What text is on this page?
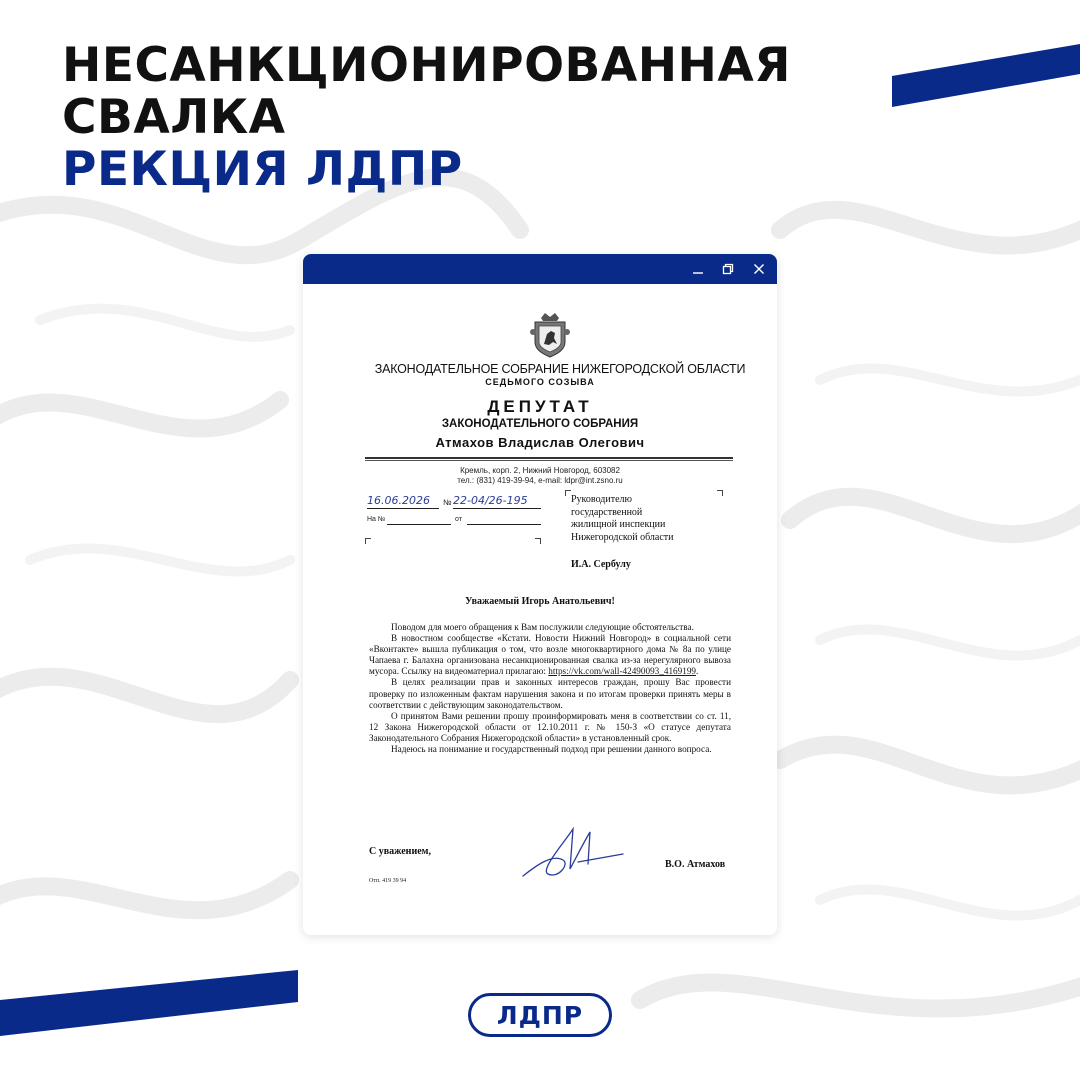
НЕСАНКЦИОНИРОВАННАЯ
СВАЛКА
РЕКЦИЯ ЛДПР
ЗАКОНОДАТЕЛЬНОЕ СОБРАНИЕ НИЖЕГОРОДСКОЙ ОБЛАСТИ
СЕДЬМОГО СОЗЫВА
ДЕПУТАТ
ЗАКОНОДАТЕЛЬНОГО СОБРАНИЯ
Атмахов Владислав Олегович
Кремль, корп. 2, Нижний Новгород, 603082
тел.: (831) 419-39-94, e-mail: ldpr@int.zsno.ru
16.06.2026 № 22-04/26-195
На №	от
Руководителю
государственной
жилищной инспекции
Нижегородской области
И.А. Сербулу
Уважаемый Игорь Анатольевич!

Поводом для моего обращения к Вам послужили следующие обстоятельства.

В новостном сообществе «Кстати. Новости Нижний Новгород» в социальной сети «Вконтакте» вышла публикация о том, что возле многоквартирного дома № 8а по улице Чапаева г. Балахна организована несанкционированная свалка из-за нерегулярного вывоза мусора. Ссылку на видеоматериал прилагаю: https://vk.com/wall-42490093_4169199.

В целях реализации прав и законных интересов граждан, прошу Вас провести проверку по изложенным фактам нарушения закона и по итогам проверки принять меры в соответствии с действующим законодательством.

О принятом Вами решении прошу проинформировать меня в соответствии со ст. 11, 12 Закона Нижегородской области от 12.10.2011 г. № 150-З «О статусе депутата Законодательного Собрания Нижегородской области» в установленный срок.

Надеюсь на понимание и государственный подход при решении данного вопроса.

С уважением,
В.О. Атмахов
Отп. 419 39 94
ЛДПР
